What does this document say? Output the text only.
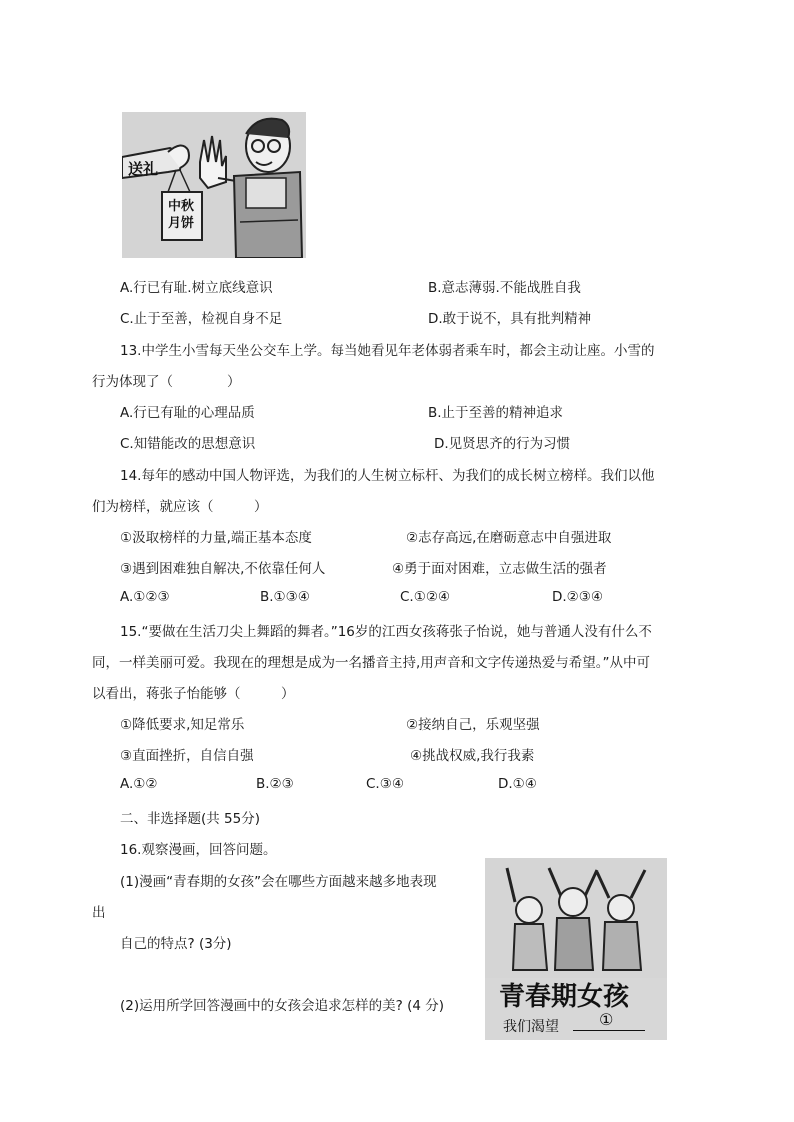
送礼
中秋月饼
A.行已有耻.树立底线意识	B.意志薄弱.不能战胜自我
C.止于至善，检视自身不足	D.敢于说不，具有批判精神
13.中学生小雪每天坐公交车上学。每当她看见年老体弱者乘车时，都会主动让座。小雪的
行为体现了（　　　　）
A.行已有耻的心理品质	B.止于至善的精神追求
C.知错能改的思想意识	D.见贤思齐的行为习惯
14.每年的感动中国人物评选，为我们的人生树立标杆、为我们的成长树立榜样。我们以他
们为榜样，就应该（　　　）
①汲取榜样的力量,端正基本态度	②志存高远,在磨砺意志中自强进取
③遇到困难独自解决,不依靠任何人	④勇于面对困难，立志做生活的强者
A.①②③	B.①③④	C.①②④	D.②③④
15.“要做在生活刀尖上舞蹈的舞者。”16岁的江西女孩蒋张子怡说，她与普通人没有什么不
同，一样美丽可爱。我现在的理想是成为一名播音主持,用声音和文字传递热爱与希望。”从中可
以看出，蒋张子怡能够（　　　）
①降低要求,知足常乐	②接纳自己，乐观坚强
③直面挫折，自信自强	④挑战权威,我行我素
A.①②	B.②③	C.③④	D.①④
二、非选择题(共 55分)
16.观察漫画，回答问题。
(1)漫画“青春期的女孩”会在哪些方面越来越多地表现
出
自己的特点? (3分)
(2)运用所学回答漫画中的女孩会追求怎样的美? (4 分) 青春期女孩
我们渴望	①
